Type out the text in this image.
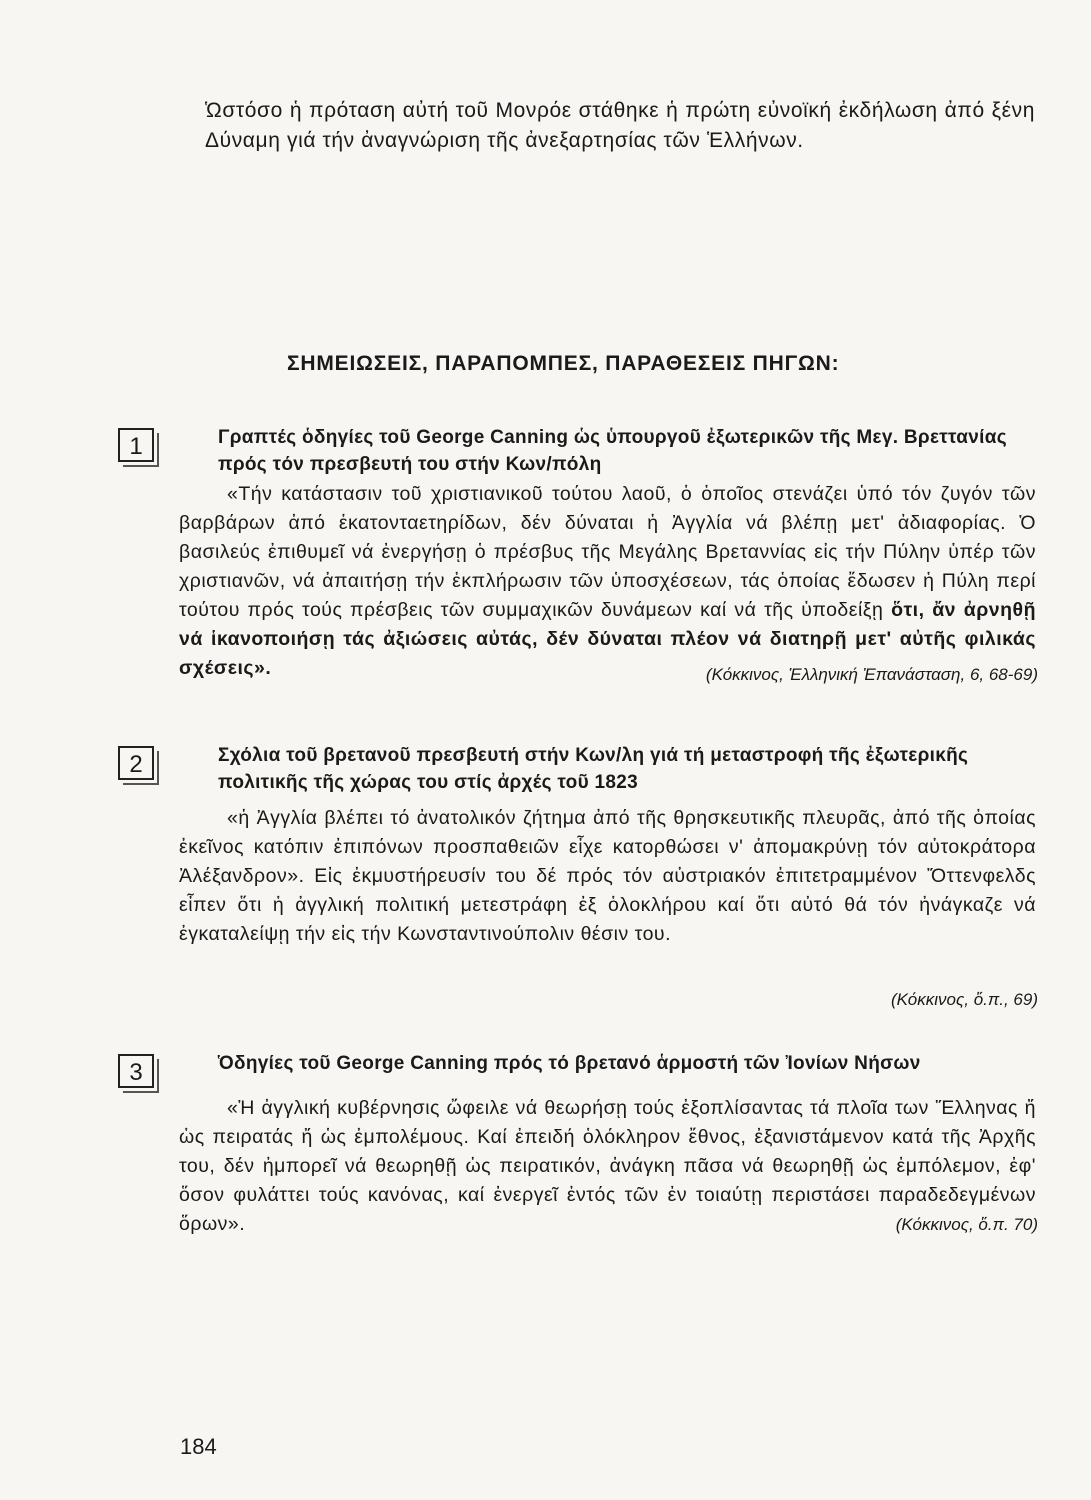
Ὡστόσο ἡ πρόταση αὐτή τοῦ Μονρόε στάθηκε ἡ πρώτη εὐνοϊκή ἐκδήλωση ἀπό ξένη Δύναμη γιά τήν ἀναγνώριση τῆς ἀνεξαρτησίας τῶν Ἑλλήνων.

ΣΗΜΕΙΩΣΕΙΣ, ΠΑΡΑΠΟΜΠΕΣ, ΠΑΡΑΘΕΣΕΙΣ ΠΗΓΩΝ:
1	Γραπτές ὁδηγίες τοῦ George Canning ὡς ὑπουργοῦ ἐξωτερικῶν τῆς Μεγ. Βρεττανίας πρός τόν πρεσβευτή του στήν Κων/πόλη

«Τήν κατάστασιν τοῦ χριστιανικοῦ τούτου λαοῦ, ὁ ὁποῖος στενάζει ὑπό τόν ζυγόν τῶν βαρβάρων ἀπό ἑκατονταετηρίδων, δέν δύναται ἡ Ἀγγλία νά βλέπῃ μετ' ἀδιαφορίας. Ὁ βασιλεύς ἐπιθυμεῖ νά ἐνεργήσῃ ὁ πρέσβυς τῆς Μεγάλης Βρεταννίας εἰς τήν Πύλην ὑπέρ τῶν χριστιανῶν, νά ἀπαιτήσῃ τήν ἐκπλήρωσιν τῶν ὑποσχέσεων, τάς ὁποίας ἔδωσεν ἡ Πύλη περί τούτου πρός τούς πρέσβεις τῶν συμμαχικῶν δυνάμεων καί νά τῆς ὑποδείξῃ ὅτι, ἄν ἀρνηθῇ νά ἱκανοποιήσῃ τάς ἀξιώσεις αὐτάς, δέν δύναται πλέον νά διατηρῇ μετ' αὐτῆς φιλικάς σχέσεις».	(Κόκκινος, Ἑλληνική Ἐπανάσταση, 6, 68-69)

2	Σχόλια τοῦ βρετανοῦ πρεσβευτή στήν Κων/λη γιά τή μεταστροφή τῆς ἐξωτερικῆς πολιτικῆς τῆς χώρας του στίς ἀρχές τοῦ 1823

«ἡ Ἀγγλία βλέπει τό ἀνατολικόν ζήτημα ἀπό τῆς θρησκευτικῆς πλευρᾶς, ἀπό τῆς ὁποίας ἐκεῖνος κατόπιν ἐπιπόνων προσπαθειῶν εἶχε κατορθώσει ν' ἀπομακρύνῃ τόν αὐτοκράτορα Ἀλέξανδρον». Εἰς ἐκμυστήρευσίν του δέ πρός τόν αὐστριακόν ἐπιτετραμμένον Ὄττενφελδς εἶπεν ὅτι ἡ ἀγγλική πολιτική μετεστράφη ἐξ ὁλοκλήρου καί ὅτι αὐτό θά τόν ἠνάγκαζε νά ἐγκαταλείψῃ τήν εἰς τήν Κωνσταντινούπολιν θέσιν του.

(Κόκκινος, ὅ.π., 69)

3	Ὁδηγίες τοῦ George Canning πρός τό βρετανό ἁρμοστή τῶν Ἰονίων Νήσων

«Ἡ ἀγγλική κυβέρνησις ὤφειλε νά θεωρήσῃ τούς ἐξοπλίσαντας τά πλοῖα των Ἕλληνας ἤ ὡς πειρατάς ἤ ὡς ἐμπολέμους. Καί ἐπειδή ὁλόκληρον ἔθνος, ἐξανιστάμενον κατά τῆς Ἀρχῆς του, δέν ἠμπορεῖ νά θεωρηθῇ ὡς πειρατικόν, ἀνάγκη πᾶσα νά θεωρηθῇ ὡς ἐμπόλεμον, ἐφ' ὅσον φυλάττει τούς κανόνας, καί ἐνεργεῖ ἐντός τῶν ἐν τοιαύτῃ περιστάσει παραδεδεγμένων ὅρων».	(Κόκκινος, ὅ.π. 70)

184
